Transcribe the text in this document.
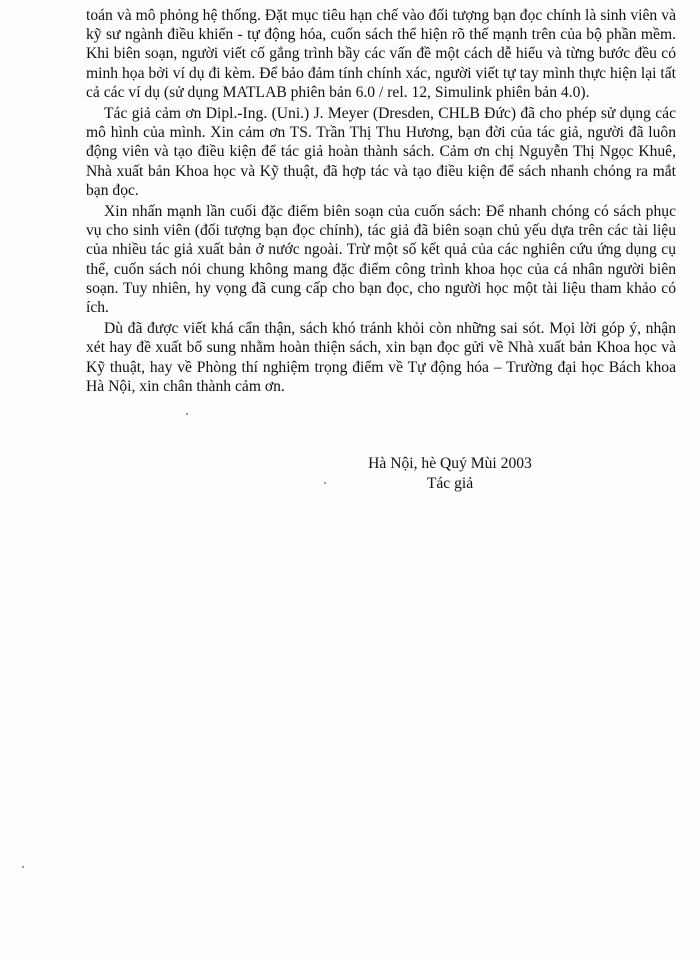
toán và mô phỏng hệ thống. Đặt mục tiêu hạn chế vào đối tượng bạn đọc chính là sinh viên và kỹ sư ngành điều khiển - tự động hóa, cuốn sách thể hiện rõ thế mạnh trên của bộ phần mềm. Khi biên soạn, người viết cố gắng trình bầy các vấn đề một cách dễ hiểu và từng bước đều có minh họa bởi ví dụ đi kèm. Để bảo đảm tính chính xác, người viết tự tay mình thực hiện lại tất cả các ví dụ (sử dụng MATLAB phiên bản 6.0 / rel. 12, Simulink phiên bản 4.0).

Tác giả cảm ơn Dipl.-Ing. (Uni.) J. Meyer (Dresden, CHLB Đức) đã cho phép sử dụng các mô hình của mình. Xin cảm ơn TS. Trần Thị Thu Hương, bạn đời của tác giả, người đã luôn động viên và tạo điều kiện để tác giả hoàn thành sách. Cảm ơn chị Nguyễn Thị Ngọc Khuê, Nhà xuất bản Khoa học và Kỹ thuật, đã hợp tác và tạo điều kiện để sách nhanh chóng ra mắt bạn đọc.

Xin nhấn mạnh lần cuối đặc điểm biên soạn của cuốn sách: Để nhanh chóng có sách phục vụ cho sinh viên (đối tượng bạn đọc chính), tác giả đã biên soạn chủ yếu dựa trên các tài liệu của nhiều tác giả xuất bản ở nước ngoài. Trừ một số kết quả của các nghiên cứu ứng dụng cụ thể, cuốn sách nói chung không mang đặc điểm công trình khoa học của cá nhân người biên soạn. Tuy nhiên, hy vọng đã cung cấp cho bạn đọc, cho người học một tài liệu tham khảo có ích.

Dù đã được viết khá cẩn thận, sách khó tránh khỏi còn những sai sót. Mọi lời góp ý, nhận xét hay đề xuất bổ sung nhằm hoàn thiện sách, xin bạn đọc gửi về Nhà xuất bản Khoa học và Kỹ thuật, hay về Phòng thí nghiệm trọng điểm về Tự động hóa – Trường đại học Bách khoa Hà Nội, xin chân thành cảm ơn.

Hà Nội, hè Quý Mùi 2003
Tác giả
